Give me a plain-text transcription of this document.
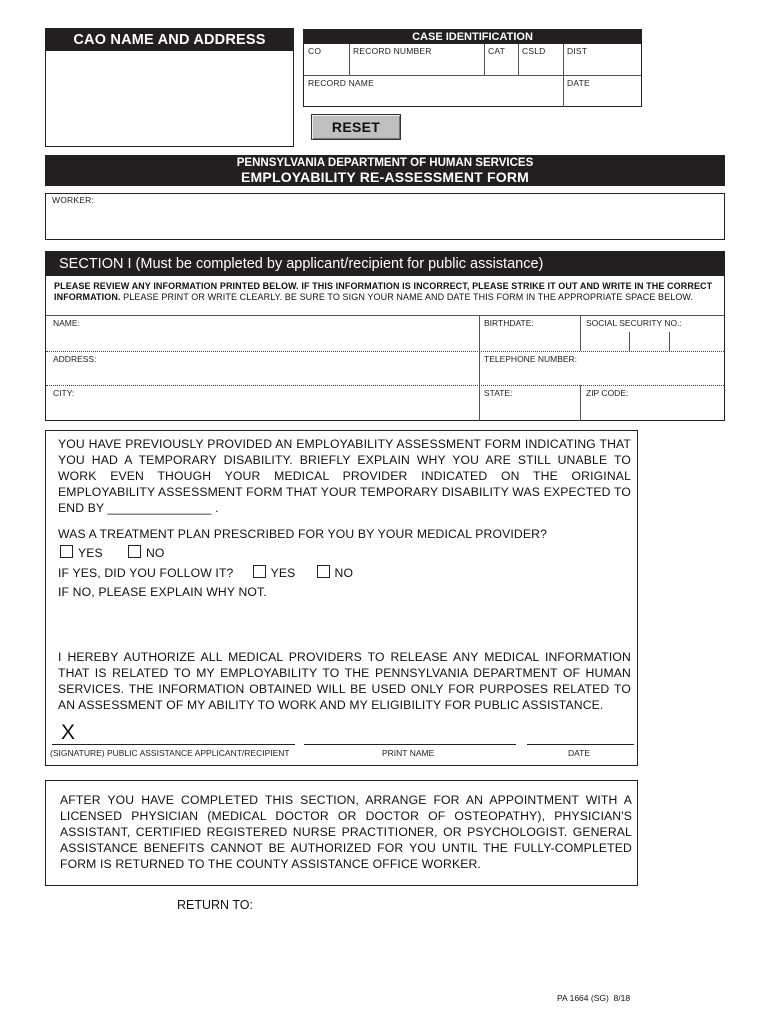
CAO NAME AND ADDRESS	CASE IDENTIFICATION
CO	RECORD NUMBER	CAT CSLD	DIST
RECORD NAME	DATE
RESET
PENNSYLVANIA DEPARTMENT OF HUMAN SERVICES
EMPLOYABILITY RE-ASSESSMENT FORM
WORKER:
SECTION I (Must be completed by applicant/recipient for public assistance)
PLEASE REVIEW ANY INFORMATION PRINTED BELOW. IF THIS INFORMATION IS INCORRECT, PLEASE STRIKE IT OUT AND WRITE IN THE CORRECT INFORMATION. PLEASE PRINT OR WRITE CLEARLY. BE SURE TO SIGN YOUR NAME AND DATE THIS FORM IN THE APPROPRIATE SPACE BELOW.
NAME:	BIRTHDATE:	SOCIAL SECURITY NO.:
ADDRESS:	TELEPHONE NUMBER:
CITY:	STATE:	ZIP CODE:
YOU HAVE PREVIOUSLY PROVIDED AN EMPLOYABILITY ASSESSMENT FORM INDICATING THAT YOU HAD A TEMPORARY DISABILITY. BRIEFLY EXPLAIN WHY YOU ARE STILL UNABLE TO WORK EVEN THOUGH YOUR MEDICAL PROVIDER INDICATED ON THE ORIGINAL EMPLOYABILITY ASSESSMENT FORM THAT YOUR TEMPORARY DISABILITY WAS EXPECTED TO END BY _______________ .
WAS A TREATMENT PLAN PRESCRIBED FOR YOU BY YOUR MEDICAL PROVIDER?
YES	NO
IF YES, DID YOU FOLLOW IT?	YES	NO
IF NO, PLEASE EXPLAIN WHY NOT.
I HEREBY AUTHORIZE ALL MEDICAL PROVIDERS TO RELEASE ANY MEDICAL INFORMATION THAT IS RELATED TO MY EMPLOYABILITY TO THE PENNSYLVANIA DEPARTMENT OF HUMAN SERVICES. THE INFORMATION OBTAINED WILL BE USED ONLY FOR PURPOSES RELATED TO AN ASSESSMENT OF MY ABILITY TO WORK AND MY ELIGIBILITY FOR PUBLIC ASSISTANCE.
X
(SIGNATURE) PUBLIC ASSISTANCE APPLICANT/RECIPIENT	PRINT NAME	DATE
AFTER YOU HAVE COMPLETED THIS SECTION, ARRANGE FOR AN APPOINTMENT WITH A LICENSED PHYSICIAN (MEDICAL DOCTOR OR DOCTOR OF OSTEOPATHY), PHYSICIAN'S ASSISTANT, CERTIFIED REGISTERED NURSE PRACTITIONER, OR PSYCHOLOGIST. GENERAL ASSISTANCE BENEFITS CANNOT BE AUTHORIZED FOR YOU UNTIL THE FULLY-COMPLETED FORM IS RETURNED TO THE COUNTY ASSISTANCE OFFICE WORKER.
RETURN TO:
PA 1664 (SG)  8/18
